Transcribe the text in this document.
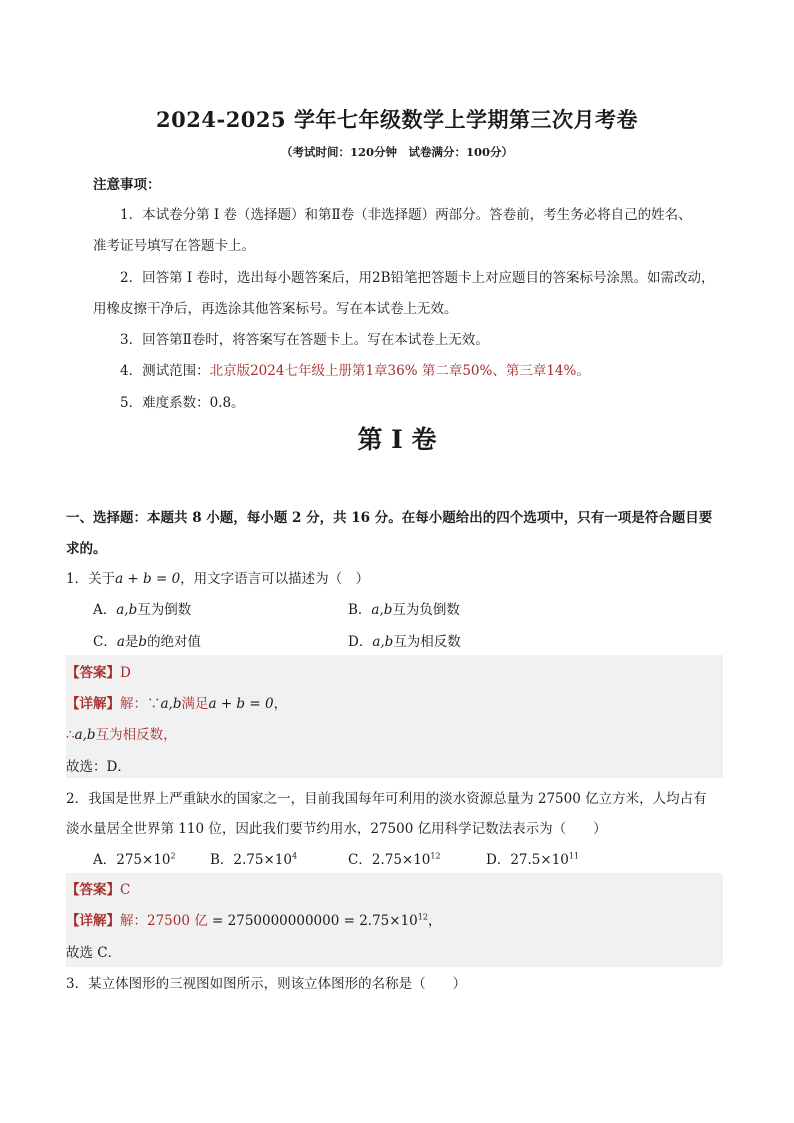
2024-2025 学年七年级数学上学期第三次月考卷
（考试时间：120分钟　试卷满分：100分）
注意事项：
1．本试卷分第 I 卷（选择题）和第Ⅱ卷（非选择题）两部分。答卷前，考生务必将自己的姓名、
准考证号填写在答题卡上。
2．回答第 I 卷时，选出每小题答案后，用2B铅笔把答题卡上对应题目的答案标号涂黑。如需改动，
用橡皮擦干净后，再选涂其他答案标号。写在本试卷上无效。
3．回答第Ⅱ卷时，将答案写在答题卡上。写在本试卷上无效。
4．测试范围：北京版2024七年级上册第1章36% 第二章50%、第三章14%。
5．难度系数：0.8。
第 I 卷
一、选择题：本题共 8 小题，每小题 2 分，共 16 分。在每小题给出的四个选项中，只有一项是符合题目要
求的。
1．关于a + b = 0，用文字语言可以描述为（　）
A．a,b互为倒数	B．a,b互为负倒数
C．a是b的绝对值	D．a,b互为相反数
【答案】D
【详解】解：∵a,b满足a + b = 0，
∴a,b互为相反数，
故选：D．
2．我国是世界上严重缺水的国家之一，目前我国每年可利用的淡水资源总量为 27500 亿立方米，人均占有
淡水量居全世界第 110 位，因此我们要节约用水，27500 亿用科学记数法表示为（　　）
A．$275\times 10^2$	B．$2.75\times 10^4$	C．$2.75\times 10^{12}$	D．$27.5\times 10^{11}$
【答案】C
【详解】解：27500 亿 = $2750000000000 = 2.75\times 10^{12}$，
故选 C．
3．某立体图形的三视图如图所示，则该立体图形的名称是（　　）
